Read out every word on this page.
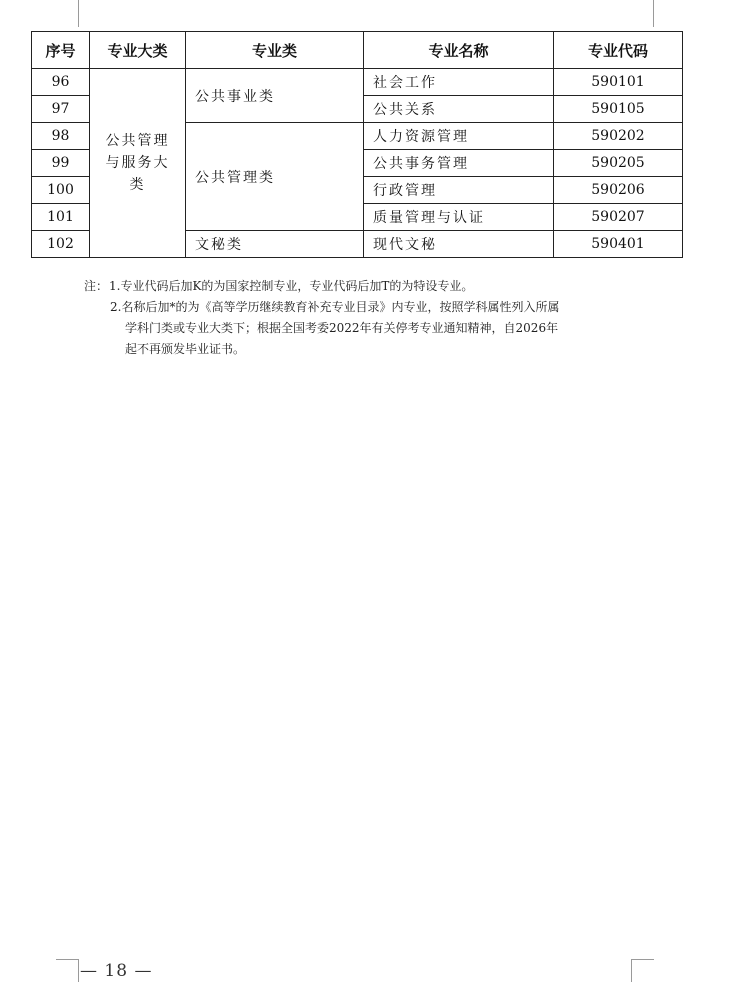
序号	专业大类	专业类	专业名称	专业代码
96	公共管理与服务大类	公共事业类	社会工作	590101
97			公共关系	590105
98		公共管理类	人力资源管理	590202
99			公共事务管理	590205
100			行政管理	590206
101			质量管理与认证	590207
102		文秘类	现代文秘	590401
注：1.专业代码后加K的为国家控制专业，专业代码后加T的为特设专业。
2.名称后加*的为《高等学历继续教育补充专业目录》内专业，按照学科属性列入所属
学科门类或专业大类下；根据全国考委2022年有关停考专业通知精神，自2026年
起不再颁发毕业证书。
— 18 —
